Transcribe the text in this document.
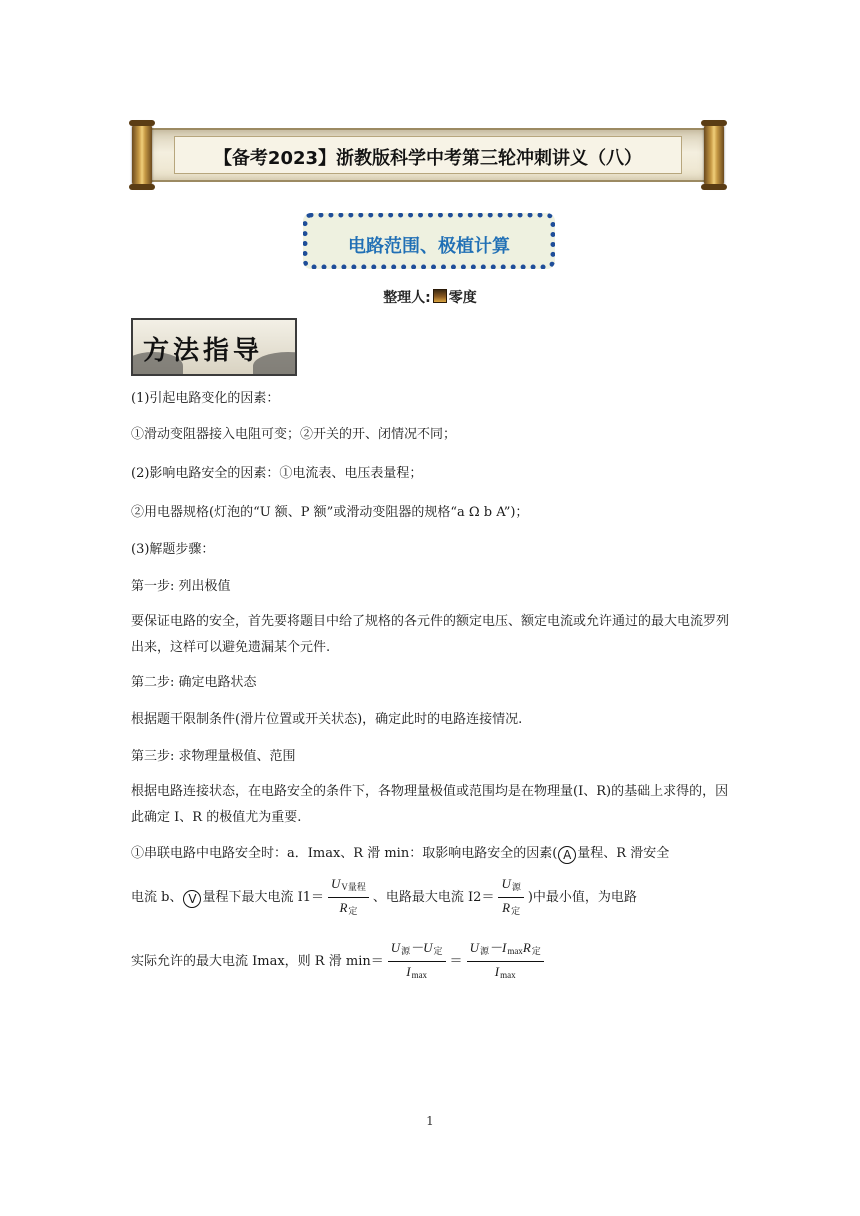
【备考2023】浙教版科学中考第三轮冲刺讲义（八）
电路范围、极植计算
整理人: 零度
方法指导
(1)引起电路变化的因素：
①滑动变阻器接入电阻可变；②开关的开、闭情况不同；
(2)影响电路安全的因素：①电流表、电压表量程；
②用电器规格(灯泡的“U 额、P 额”或滑动变阻器的规格“a Ω b A”)；
(3)解题步骤：
第一步: 列出极值
要保证电路的安全，首先要将题目中给了规格的各元件的额定电压、额定电流或允许通过的最大电流罗列出来，这样可以避免遗漏某个元件.
第二步: 确定电路状态
根据题干限制条件(滑片位置或开关状态)，确定此时的电路连接情况.
第三步: 求物理量极值、范围
根据电路连接状态，在电路安全的条件下，各物理量极值或范围均是在物理量(I、R)的基础上求得的，因此确定 I、R 的极值尤为重要.
①串联电路中电路安全时：a．Imax、R 滑 min：取影响电路安全的因素( A 量程、R 滑安全
电流 b、 V 量程下最大电流 $I1= \frac{U_{V量程}}{R_定}$ 、电路最大电流 $I2= \frac{U_源}{R_定}$ )中最小值，为电路
实际允许的最大电流 Imax，则 R 滑 $\min= \frac{U_源-U_定}{I_{max}} = \frac{U_源-I_{max}R_定}{I_{max}}$
1
